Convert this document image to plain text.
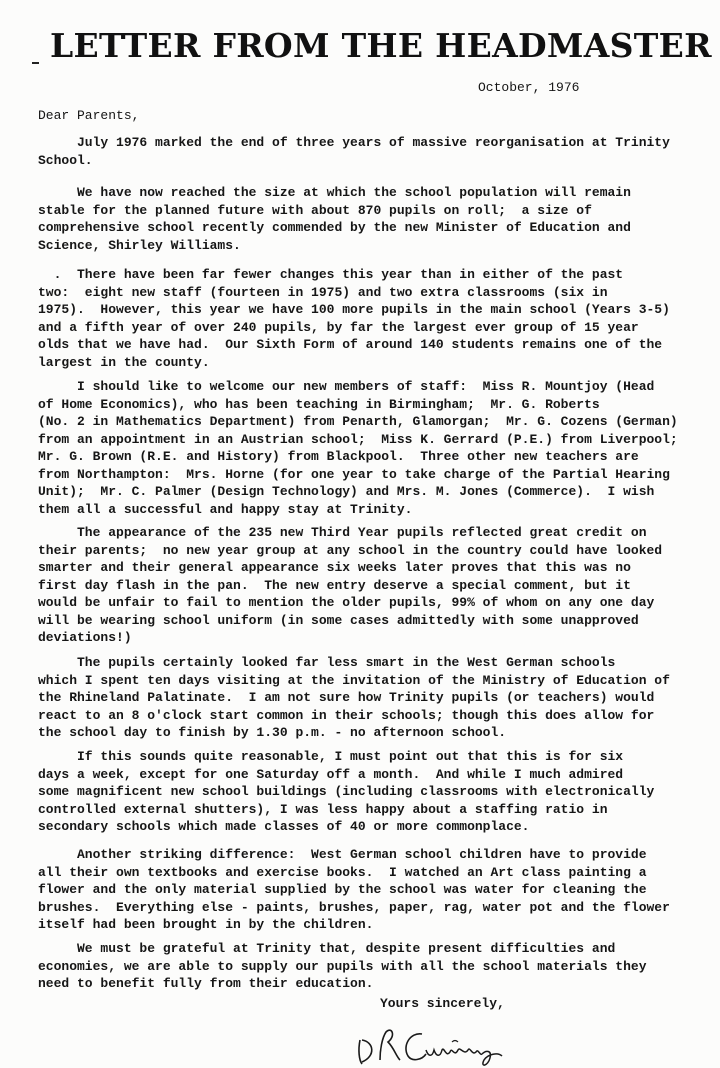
LETTER FROM THE HEADMASTER
October, 1976
Dear Parents,
July 1976 marked the end of three years of massive reorganisation at Trinity
School.
We have now reached the size at which the school population will remain
stable for the planned future with about 870 pupils on roll;  a size of
comprehensive school recently commended by the new Minister of Education and
Science, Shirley Williams.
.  There have been far fewer changes this year than in either of the past
two:  eight new staff (fourteen in 1975) and two extra classrooms (six in
1975).  However, this year we have 100 more pupils in the main school (Years 3-5)
and a fifth year of over 240 pupils, by far the largest ever group of 15 year
olds that we have had.  Our Sixth Form of around 140 students remains one of the
largest in the county.
I should like to welcome our new members of staff:  Miss R. Mountjoy (Head
of Home Economics), who has been teaching in Birmingham;  Mr. G. Roberts
(No. 2 in Mathematics Department) from Penarth, Glamorgan;  Mr. G. Cozens (German)
from an appointment in an Austrian school;  Miss K. Gerrard (P.E.) from Liverpool;
Mr. G. Brown (R.E. and History) from Blackpool.  Three other new teachers are
from Northampton:  Mrs. Horne (for one year to take charge of the Partial Hearing
Unit);  Mr. C. Palmer (Design Technology) and Mrs. M. Jones (Commerce).  I wish
them all a successful and happy stay at Trinity.
The appearance of the 235 new Third Year pupils reflected great credit on
their parents;  no new year group at any school in the country could have looked
smarter and their general appearance six weeks later proves that this was no
first day flash in the pan.  The new entry deserve a special comment, but it
would be unfair to fail to mention the older pupils, 99% of whom on any one day
will be wearing school uniform (in some cases admittedly with some unapproved
deviations!)
The pupils certainly looked far less smart in the West German schools
which I spent ten days visiting at the invitation of the Ministry of Education of
the Rhineland Palatinate.  I am not sure how Trinity pupils (or teachers) would
react to an 8 o'clock start common in their schools; though this does allow for
the school day to finish by 1.30 p.m. - no afternoon school.
If this sounds quite reasonable, I must point out that this is for six
days a week, except for one Saturday off a month.  And while I much admired
some magnificent new school buildings (including classrooms with electronically
controlled external shutters), I was less happy about a staffing ratio in
secondary schools which made classes of 40 or more commonplace.
Another striking difference:  West German school children have to provide
all their own textbooks and exercise books.  I watched an Art class painting a
flower and the only material supplied by the school was water for cleaning the
brushes.  Everything else - paints, brushes, paper, rag, water pot and the flower
itself had been brought in by the children.
We must be grateful at Trinity that, despite present difficulties and
economies, we are able to supply our pupils with all the school materials they
need to benefit fully from their education.
Yours sincerely,
